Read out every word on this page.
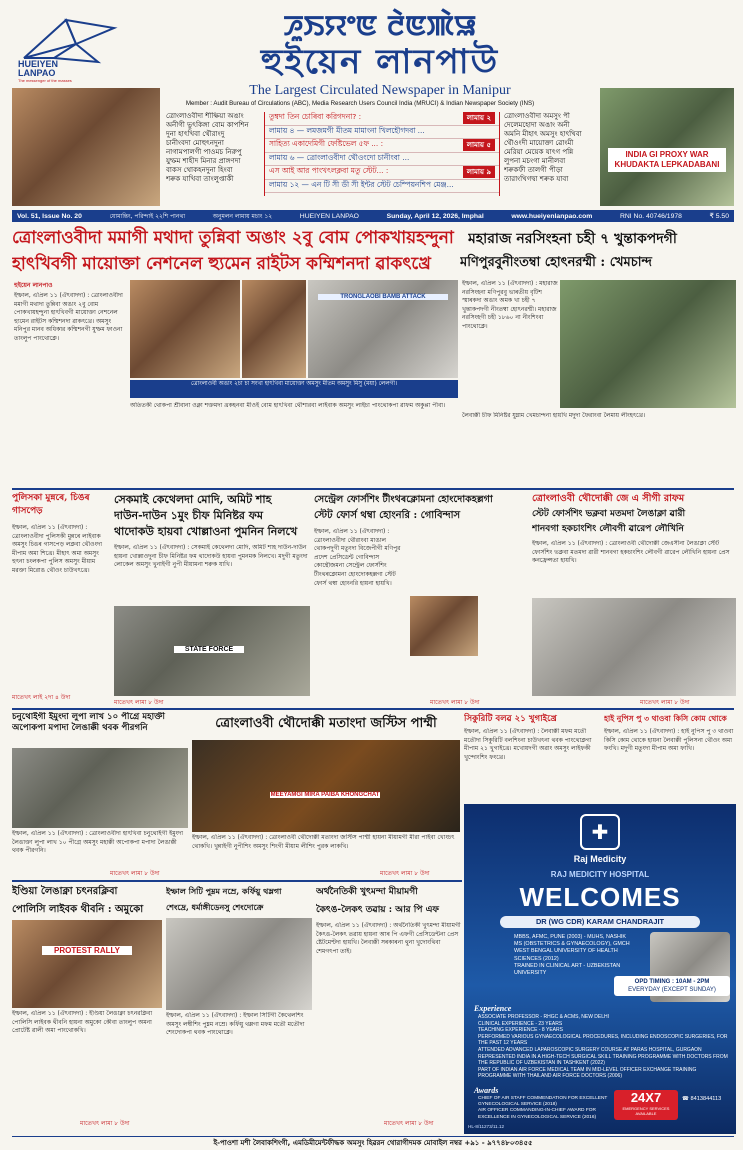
HUEIYEN LANPAO
The messenger of the masses
ꯍꯨꯏꯌꯦꯟ ꯂꯥꯟꯄꯥꯎ
হুইয়েন লানপাউ
The Largest Circulated Newspaper in Manipur
Member : Audit Bureau of Circulations (ABC), Media Research Users Council India (MRUCI) & Indian Newspaper Society (INS)
INDIA GI PROXY WAR KHUDAKTA LEPKADABANI
ত্ৰোংলাওবীদা শীক্ষিয়া অঙাং
অনীগী ভুৎকিঙ্গা বোম কাপশিন
দুনা হাৎখিবা থৌরাংদু
চানীংবদা মোহুৎনদুনা
নাগামপালগী পাওমচ নিরুপু
যুম্ফম শাহীদ মিনার প্ৰাঙ্গণদা
বাকস থোকহনদুনা হিংবা
শৰুক যাখিবা তাংলুপ্তাকী
তুম্বদা তিন চোৰিবা করিগদনা? :	লামায় ২
লামায় ৪ — লমজমগী মীতম মামাংনা খিলহৌগদবা ...
সাহিত্য একাদেমিগী ফেষ্টিভেল ৫ফ ... :	লামায় ৫
লামায় ৬ — ত্ৰোংলাওবীদা থৌওংদো চানীংবা ...
এস আই আর পাংখৎলক্লবা মতু স্টেট... :	লামায় ৯
লামায় ১২ — এন টি সী ডী সী ইন্টর স্টেট চেম্পিয়নশিপ মেঞ্জ...
ত্ৰোংলাওবীদা অমসুং পী
দেলেমহোদা অঙাং অনী
অমনি মীহাৎ অমসুং হাৎখিবা
থৌওংদী মায়োক্তা ৱোংমী
মেরিয়া মেয়েক যাৎগ পন্নি
লুপনা মচংগা মানীলবা
শৰুকফী তালগী পীড়া
তারাংখিগদ্বা শৰুক যাবা
Vol. 51, Issue No. 20	যোমান্তিং, পরিন্দাই ২২শি পানথা	অনুমলন লামায় মচাং ১২	HUEIYEN LANPAO	Sunday, April 12, 2026, Imphal	www.hueiyenlanpao.com	RNI No. 40746/1978	₹ 5.50
ত্ৰোংলাওবীদা মমাগী মথাদা তুন্নিবা অঙাং ২বু বোম পোকখায়হন্দুনা
হাৎখিবগী মায়োক্তা নেশনেল হ্যুমেন রাইটস কম্মিশনদা ৱাকৎখ্রে
হুইয়েন লানপাও
ইম্ফাল, এপ্ৰিল ১১ (ঐৎবাদদা) : ত্ৰোংলাওবীদা মমাগী মথাদা তুন্নিবা অঙাং ২বু বোম পোকখায়হন্দুনা হাৎখিবগী মায়োক্তা নেশনেল হ্যুমেন রাইটস কম্মিশনদা ৱাকৎখ্রে। অমসুং মনিপুর মানব অধিকার কম্মিশনগী যুম্ফম ফাওনা তাংলুপ পাংথোক্লে।
TRONGLAOBI BAMB ATTACK
ত্ৰোংলাওবী অঙাং ২চা চা সংখা হাৎখিবা মায়োক্তা অমসুং মীতম অমসুং মিসু (ময়া) লেলগী।
অতিতকী থোকপা শ্ৰীবানা ওক্না শক্তমদা খ্ৰকহনবা মীওই বোম হাৎখিবা থৌশারবা লাইবাক অমসুং লাইচা পাংথোকপা ৱাফম অকুপ্পা পীবা।
মহারাজ নরসিংহনা চহী ৭ খুন্তাকপদগী
মণিপুরবুনীংতম্বা হোৎনরম্মী : খেমচান্দ
ইম্ফাল, এপ্ৰিল ১১ (ঐৎবাদদা) : মহারাজ নরসিংহনা মণিপুরবু ভাৰতীয় বৃটিশ স্মাৰকদা অঙাং অমক খা চহী ৭ খুন্তাকপদগী নীংতম্বা হোৎনরম্মী। মহারাজ নরসিংহগী চহী ১৮৬০ না নীংশিংবা পাংথোক্লে।
লৈবাক্কী চীফ মিনিষ্টর যুম্নাম খেমচান্দনা হায়খি মদুদা ফৈরাংবা লৈমায় লীংহৎখ্রে।
পুলিসকা মুন্নৰে, চিঙৰ গাসপেড়
ইম্ফাল, এপ্ৰিল ১১ (ঐৎবাদদা) : ত্ৰোংলাওবীদা পুলিসকী মুন্নৰে লাইবাক অমসুং চিঙৰ গাসপেড় লক্লবা থৌওংদা মীপাম অমা শিখ্রে। মীহাৎ অমা অমসুং হুৎনা চংলকপা পুলিস অমসুং মীয়াম মরক্তা মিরোঙ থৌওং চাউখৎখ্রে।
মাতেখৎ লাই ২দা ৪ উদা
সেকমাই কেথেলদা মোদি, অমিট শাহ
দাউন-দাউন ১মুং চীফ মিনিষ্টর ফম
থাদোকউ হায়বা খোল্লাওনা পুমনিন নিলখে
ইম্ফাল, এপ্ৰিল ১১ (ঐৎবাদদা) : সেকমাই কেথেলদা মোদি, অমিট শাহ দাউন-দাউন হায়না খোল্লাওদুনা চীফ মিনিষ্টর ফম থাদোকউ হায়বা পুমনমক নিলখে। মদুগী মতুংদা লোকেল অমসুং খুনাইগী নুপী মীয়ামনা শরুক যাখি।
STATE FORCE
মাতেখৎ লামা ৮ উদা
সেন্ট্রেল ফোর্সশিং টীংথৰক্লোমনা হোংদোকহল্লগা
স্টেট ফোর্স থম্বা হোংনরি : গোবিন্দাস
ইম্ফাল, এপ্ৰিল ১১ (ঐৎবাদদা) : ত্ৰোংলাওবীদা থৌরাংবা মাঙাল থোকপদুগী মতুংদা বিজেপীগী মণিপুর প্ৰদেশ প্ৰেসিডেন্ট গোবিন্দাস কোন্থৌজমনা সেন্ট্রেল ফোর্সশিং টীংথৰক্লোমনা হোংদোকহল্লগা স্টেট ফোর্স থম্বা হোংনরি হায়না হায়খি।
মাতেখৎ লামা ৮ উদা
ত্ৰোংলাওবী থৌদোক্কী জে এ সীগী রাফম
স্টেট ফোর্সশিং ভক্লবা মতমদা লৈঙাক্লা ৱারী
শানবগা হকচাংশিং লৌবগী ৱারেপ লৌখিনি
ইম্ফাল, এপ্ৰিল ১১ (ঐৎবাদদা) : ত্ৰোংলাওবী থৌদোক্কী জেএসীনা লৈঙাক্লা স্টেট ফোর্সশিং ভক্লবা মতমদা ৱারী শানবগা হকচাংশিং লৌবগী ৱারেপ লৌখিনি হায়না প্ৰেস কনফ্ৰেন্সতা হায়খি।
মাতেখৎ লামা ৮ উদা
চনুথোইগী ইমুংদা লুপা লাখ ১০ পীগ্ৰে মহাক্তী অপোকপা মপাদা লৈঙাক্কী থবক পীরগনি
ইম্ফাল, এপ্ৰিল ১১ (ঐৎবাদদা) : ত্ৰোংলাওবীদা হাৎখিবা চনুথোইগী ইমুংদা লৈঙাক্তা লুপা লাখ ১০ পীগ্ৰে অমসুং মহাক্কী অপোকপা মপাদা লৈঙাক্কী থবক পীরগনি।
মাতেখৎ লামা ৮ উদা
ত্ৰোংলাওবী থৌদোক্কী মতাংদা জস্টিস পাম্মী
MEEYAMGI MIRA PAIBA KHONGCHAT
ইম্ফাল, এপ্ৰিল ১১ (ঐৎবাদদা) : ত্ৰোংলাওবী থৌদোক্কী মতাংদা জস্টিস পাম্মী হায়না মীয়ামগী মীরা পাইবা খোংচৎ থোকখি। খুন্নাইগী নুপীশিং অমসুং শিংগী মীয়াম লীশিং পুরক লাকখি।
মাতেখৎ লামা ৮ উদা
সিকুরিটি বলৱ ২১ খুগাইখ্ৰে
ইম্ফাল, এপ্ৰিল ১১ (ঐৎবাদদা) : লৈবাক্কী মফম মতৌ মতৌদা সিকুরিটি বলশিংনা চাউখৎনা থবক পাংথোক্লগা মীপাম ২১ খুগাইখ্ৰে। মখোয়দগী অৱাং অমসুং লাইফকী খুন্দোংশিং ফংখ্ৰে।
হাই নুপিস পু ৩ থাওবা কিসি কোম থোকে
ইম্ফাল, এপ্ৰিল ১১ (ঐৎবাদদা) : হাই নুপিস পু ৩ থাওবা কিসি কোম থোকে হায়না লৈবাক্কী পুলিসনা থৌওং অমা ফংখি। মদুগী মতুংদা মীপাম অমা ফাখি।
✚
Raj Medicity
RAJ MEDICITY HOSPITAL
WELCOMES
DR (WG CDR) KARAM CHANDRAJIT
MBBS, AFMC, PUNE (2003) - MUHS, NASHIK
MS (OBSTETRICS & GYNAECOLOGY), GMCH
WEST BENGAL UNIVERSITY OF HEALTH SCIENCES (2012)
TRAINED IN CLINICAL ART - UZBEKISTAN UNIVERSITY
OPD TIMING : 10AM - 2PM
EVERYDAY (EXCEPT SUNDAY)
Experience
ASSOCIATE PROFESSOR - RHGC & ACMS, NEW DELHI
CLINICAL EXPERIENCE - 23 YEARS
TEACHING EXPERIENCE - 8 YEARS
PERFORMED VARIOUS GYNAECOLOGICAL PROCEDURES, INCLUDING ENDOSCOPIC SURGERIES, FOR THE PAST 12 YEARS
ATTENDED ADVANCED LAPAROSCOPIC SURGERY COURSE AT PARAS HOSPITAL, GURGAON
REPRESENTED INDIA IN A HIGH-TECH SURGICAL SKILL TRAINING PROGRAMME WITH DOCTORS FROM THE REPUBLIC OF UZBEKISTAN IN TASHKENT (2022)
PART OF INDIAN AIR FORCE MEDICAL TEAM IN MID-LEVEL OFFICER EXCHANGE TRAINING PROGRAMME WITH THAILAND AIR FORCE DOCTORS (2006)
Awards
CHIEF OF AIR STAFF COMMENDATION FOR EXCELLENT GYNECOLOGICAL SERVICE (2018)
AIR OFFICER COMMANDING-IN-CHIEF AWARD FOR EXCELLENCE IN GYNECOLOGICAL SERVICE (2016)
24X7
EMERGENCY SERVICES AVAILABLE
☎ 8413844113
HL-8/11273/11.12
ইণ্ডিয়া লৈঙাক্না চৎনরক্লিবা
পোলিসি লাইবক থীবনি : অমুকো
PROTEST RALLY
ইম্ফাল, এপ্ৰিল ১১ (ঐৎবাদদা) : ইণ্ডিয়া লৈঙাক্না চৎনরক্লিবা পোলিসি লাইবক থীবনি হায়না অমুকো কৌবা তাংলুপ অমনা প্ৰোটেষ্ট ৱালী অমা পাংথোকখি।
মাতেখৎ লামা ৮ উদা
ইম্ফাল সিটি পুম্নম নম্রে, কর্ফিয়ু থম্লগা
শেংদ্ৰে, ধৰ্মাঙ্গীডেনসু শেংদোক্রে
ইম্ফাল, এপ্ৰিল ১১ (ঐৎবাদদা) : ইম্ফাল সিটিগী কৈথেলশিং অমসুং লম্বীশিং পুম্নম নম্রে। কর্ফিয়ু থম্লগা মফম মতৌ মতৌদা শেংদোকপা থবক পাংথোক্লে।
অৰ্থনৈতিকী খুৎমন্দা মীয়ামগী
কৈৎঙ-লৈকৎ তৱায় : আর পি এফ
ইম্ফাল, এপ্ৰিল ১১ (ঐৎবাদদা) : অৰ্থনৈতিকী খুৎমন্দা মীয়ামগী কৈৎঙ-লৈকৎ তৱায় হায়না আৰ পি এফগী প্ৰেসিডেন্টনা প্ৰেস ষ্টেটমেণ্টদা হায়খি। লৈবাক্কী সৰকাৰনা থুনা খুদোংথিবা শেমগৎপা তাই।
মাতেখৎ লামা ৮ উদা
ই-পাওশা মশী লৈবাকশিংগী, এমডিমীমেন্টফীদ্ধক অমসুং হিৱরন থোরাগীদমক মোবাইল নম্বর +৯১ - ৯৭৭৪৮০৩৪৫৫
